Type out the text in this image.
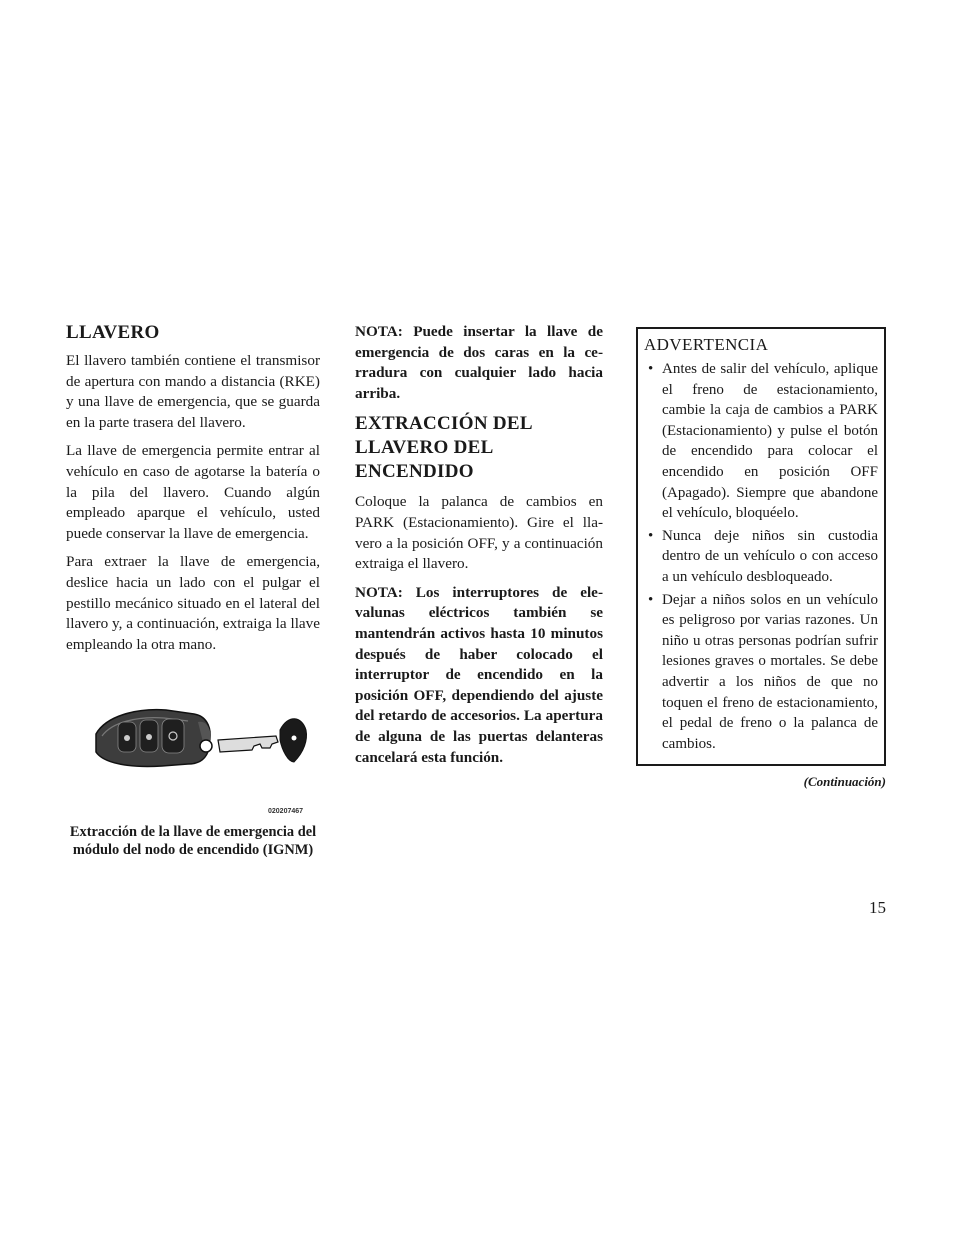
LLAVERO

El llavero también contiene el transmisor de apertura con mando a distancia (RKE) y una llave de emergencia, que se guarda en la parte trasera del llavero.

La llave de emergencia permite entrar al vehículo en caso de agotarse la batería o la pila del llavero. Cuando algún empleado aparque el vehículo, usted puede conservar la llave de emergencia.

Para extraer la llave de emergencia, deslice hacia un lado con el pulgar el pestillo mecánico situado en el lateral del llavero y, a continuación, extraiga la llave empleando la otra mano.

0202074​67
Extracción de la llave de emergencia del módulo del nodo de encendido (IGNM)

NOTA: Puede insertar la llave de emergencia de dos caras en la cerradura con cualquier lado hacia arriba.

EXTRACCIÓN DEL LLAVERO DEL ENCENDIDO

Coloque la palanca de cambios en PARK (Estacionamiento). Gire el llavero a la posición OFF, y a continuación extraiga el llavero.

NOTA: Los interruptores de elevalunas eléctricos también se mantendrán activos hasta 10 minutos después de haber colocado el interruptor de encendido en la posición OFF, dependiendo del ajuste del retardo de accesorios. La apertura de alguna de las puertas delanteras cancelará esta función.

ADVERTENCIA
• Antes de salir del vehículo, aplique el freno de estacionamiento, cambie la caja de cambios a PARK (Estacionamiento) y pulse el botón de encendido para colocar el encendido en posición OFF (Apagado). Siempre que abandone el vehículo, bloquéelo.
• Nunca deje niños sin custodia dentro de un vehículo o con acceso a un vehículo desbloqueado.
• Dejar a niños solos en un vehículo es peligroso por varias razones. Un niño u otras personas podrían sufrir lesiones graves o mortales. Se debe advertir a los niños de que no toquen el freno de estacionamiento, el pedal de freno o la palanca de cambios.
(Continuación)
15
